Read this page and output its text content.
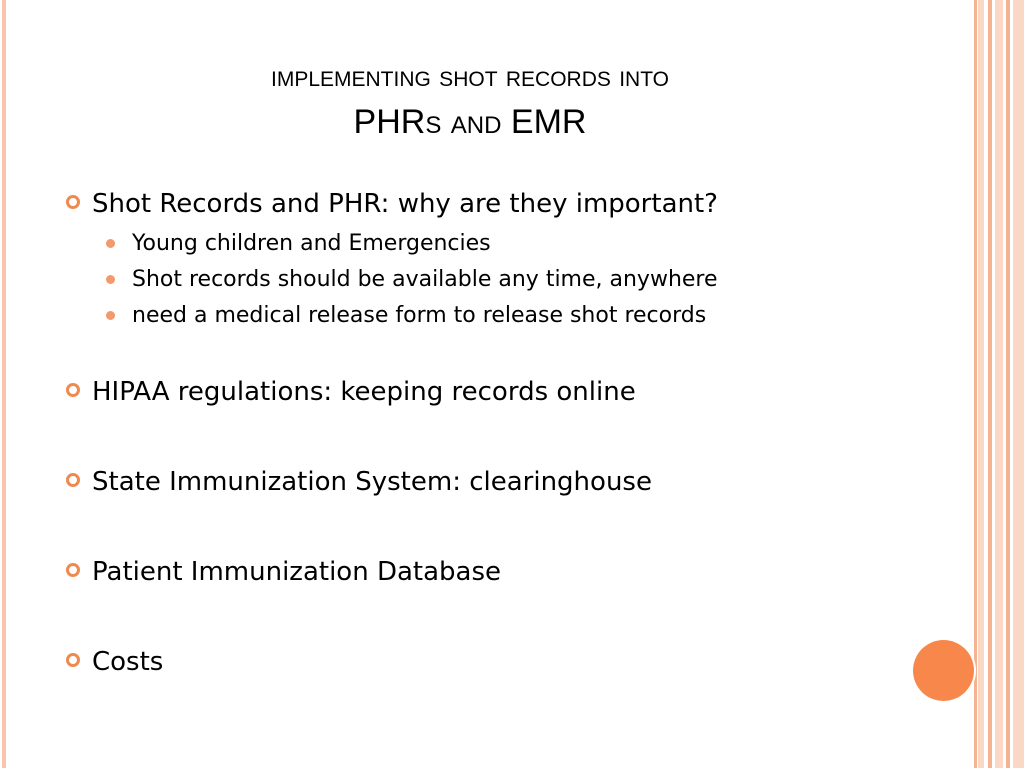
implementing shot records into
PHRs and EMR
Shot Records and PHR: why are they important?
Young children and Emergencies
Shot records should be available any time, anywhere
need a medical release form to release shot records
HIPAA regulations: keeping records online
State Immunization System: clearinghouse
Patient Immunization Database
Costs
